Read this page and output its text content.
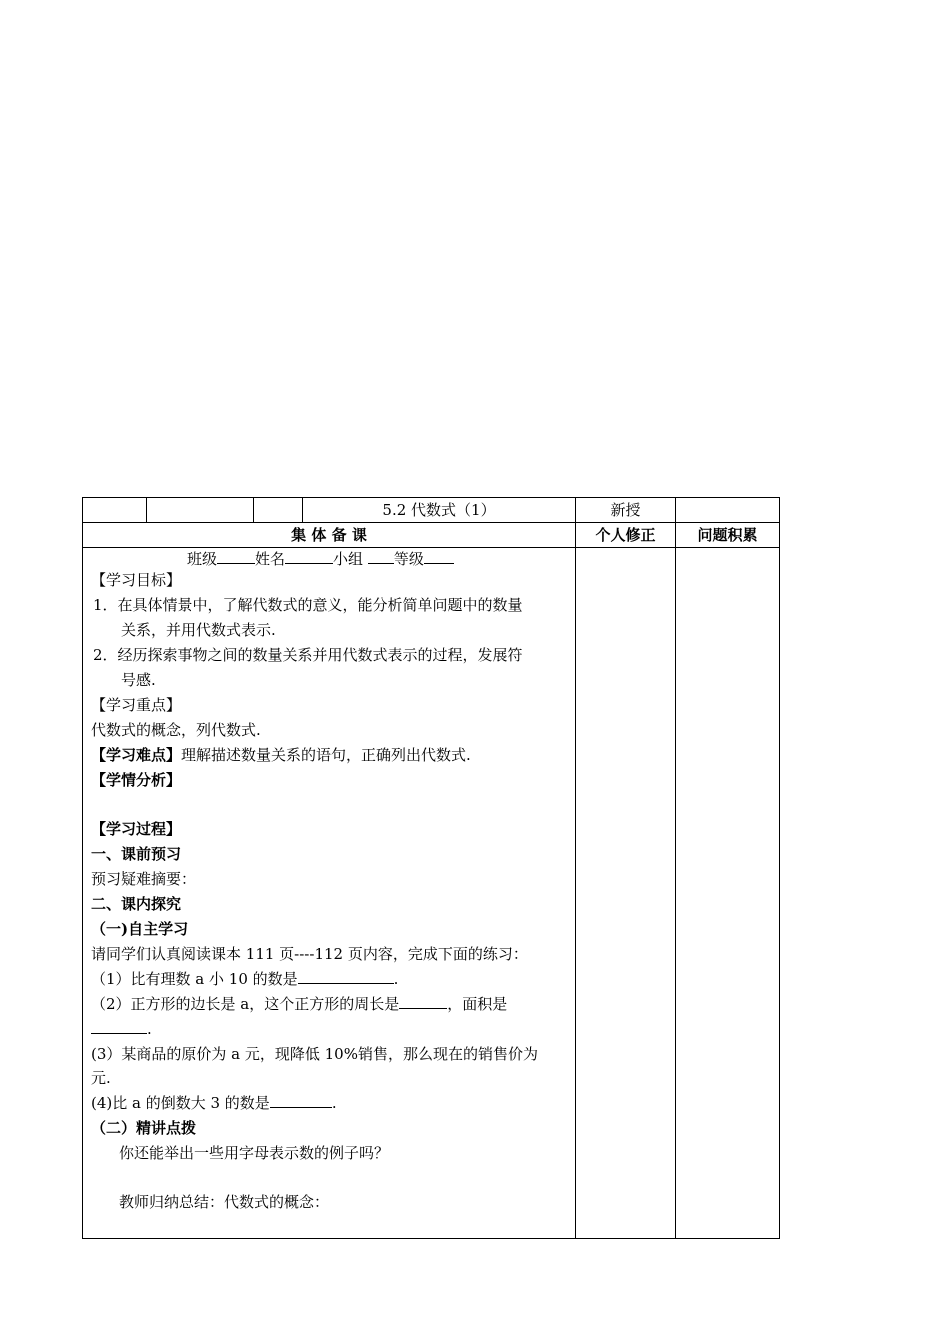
5.2 代数式（1）	新授
集 体 备 课	个人修正	问题积累
班级	姓名	小组 等级
【学习目标】
1．在具体情景中，了解代数式的意义，能分析简单问题中的数量
关系，并用代数式表示.
2．经历探索事物之间的数量关系并用代数式表示的过程，发展符
号感.
【学习重点】
代数式的概念，列代数式.
【学习难点】理解描述数量关系的语句，正确列出代数式.
【学情分析】
【学习过程】
一、课前预习
预习疑难摘要：
二、课内探究
（一)自主学习
请同学们认真阅读课本 111 页----112 页内容，完成下面的练习：
（1）比有理数 a 小 10 的数是	.
（2）正方形的边长是 a，这个正方形的周长是	，面积是
.
(3）某商品的原价为 a 元，现降低 10%销售，那么现在的销售价为
元.
(4)比 a 的倒数大 3 的数是	.
（二）精讲点拨
你还能举出一些用字母表示数的例子吗？
教师归纳总结：代数式的概念：
